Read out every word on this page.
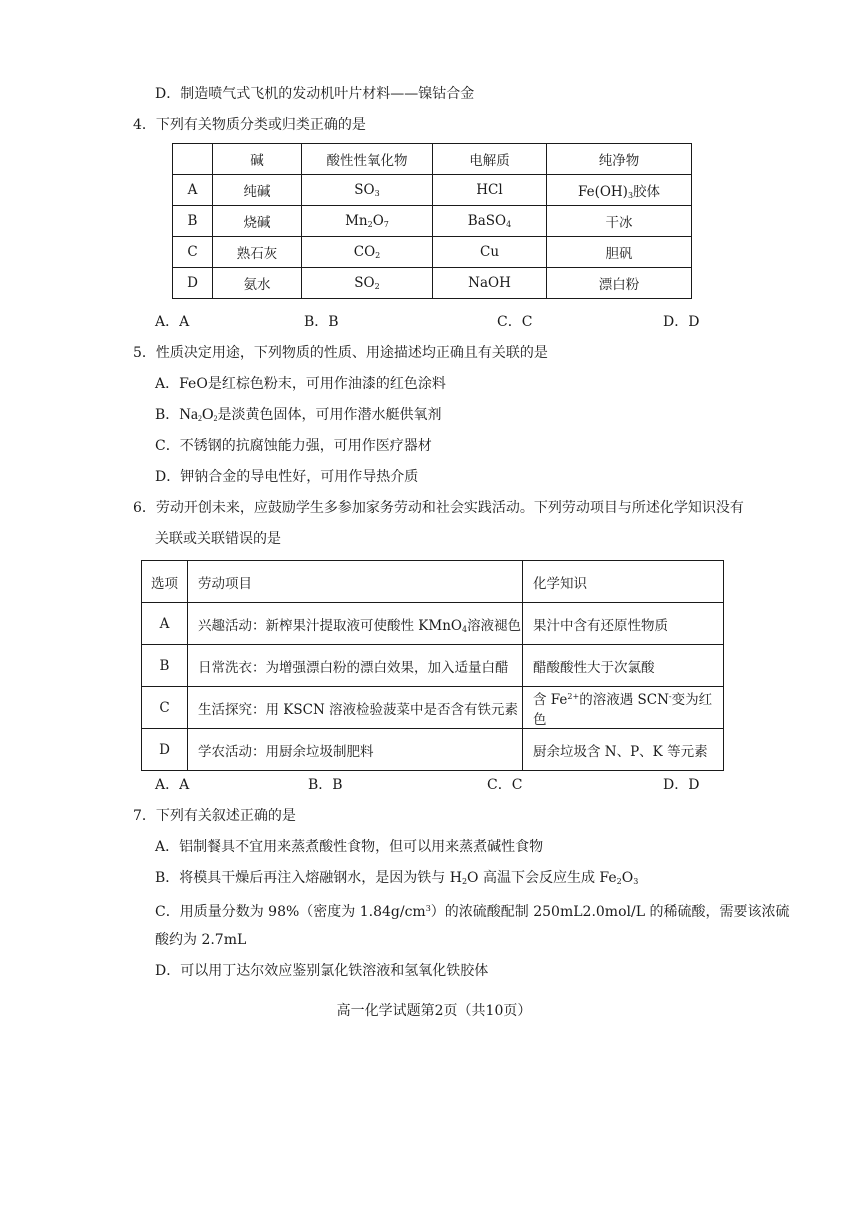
D．制造喷气式飞机的发动机叶片材料——镍钴合金
4．下列有关物质分类或归类正确的是
	碱	酸性性氧化物	电解质	纯净物
A	纯碱	$SO_3$	HCl	$Fe(OH)_3$胶体
B	烧碱	$Mn_2O_7$	BaSO$_4$	干冰
C	熟石灰	$CO_2$	Cu	胆矾
D	氨水	$SO_2$	NaOH	漂白粉
A．A	B．B	C．C	D．D
5．性质决定用途，下列物质的性质、用途描述均正确且有关联的是
A．FeO是红棕色粉末，可用作油漆的红色涂料
B．$Na_2O_2$是淡黄色固体，可用作潜水艇供氧剂
C．不锈钢的抗腐蚀能力强，可用作医疗器材
D．钾钠合金的导电性好，可用作导热介质
6．劳动开创未来，应鼓励学生多参加家务劳动和社会实践活动。下列劳动项目与所述化学知识没有
关联或关联错误的是
选项	劳动项目	化学知识
A	兴趣活动：新榨果汁提取液可使酸性 KMnO$_4$溶液褪色	果汁中含有还原性物质
B	日常洗衣：为增强漂白粉的漂白效果，加入适量白醋	醋酸酸性大于次氯酸
C	生活探究：用 KSCN 溶液检验菠菜中是否含有铁元素	含 $Fe^{2+}$的溶液遇 SCN-变为红色
D	学农活动：用厨余垃圾制肥料	厨余垃圾含 N、P、K 等元素
A．A	B．B	C．C	D．D
7．下列有关叙述正确的是
A．铝制餐具不宜用来蒸煮酸性食物，但可以用来蒸煮碱性食物
B．将模具干燥后再注入熔融钢水，是因为铁与 $H_2O$ 高温下会反应生成 $Fe_2O_3$
C．用质量分数为 98%（密度为 $1.84g/cm^3$）的浓硫酸配制 250mL2.0mol/L 的稀硫酸，需要该浓硫
酸约为 2.7mL
D．可以用丁达尔效应鉴别氯化铁溶液和氢氧化铁胶体
高一化学试题第2页（共10页）
